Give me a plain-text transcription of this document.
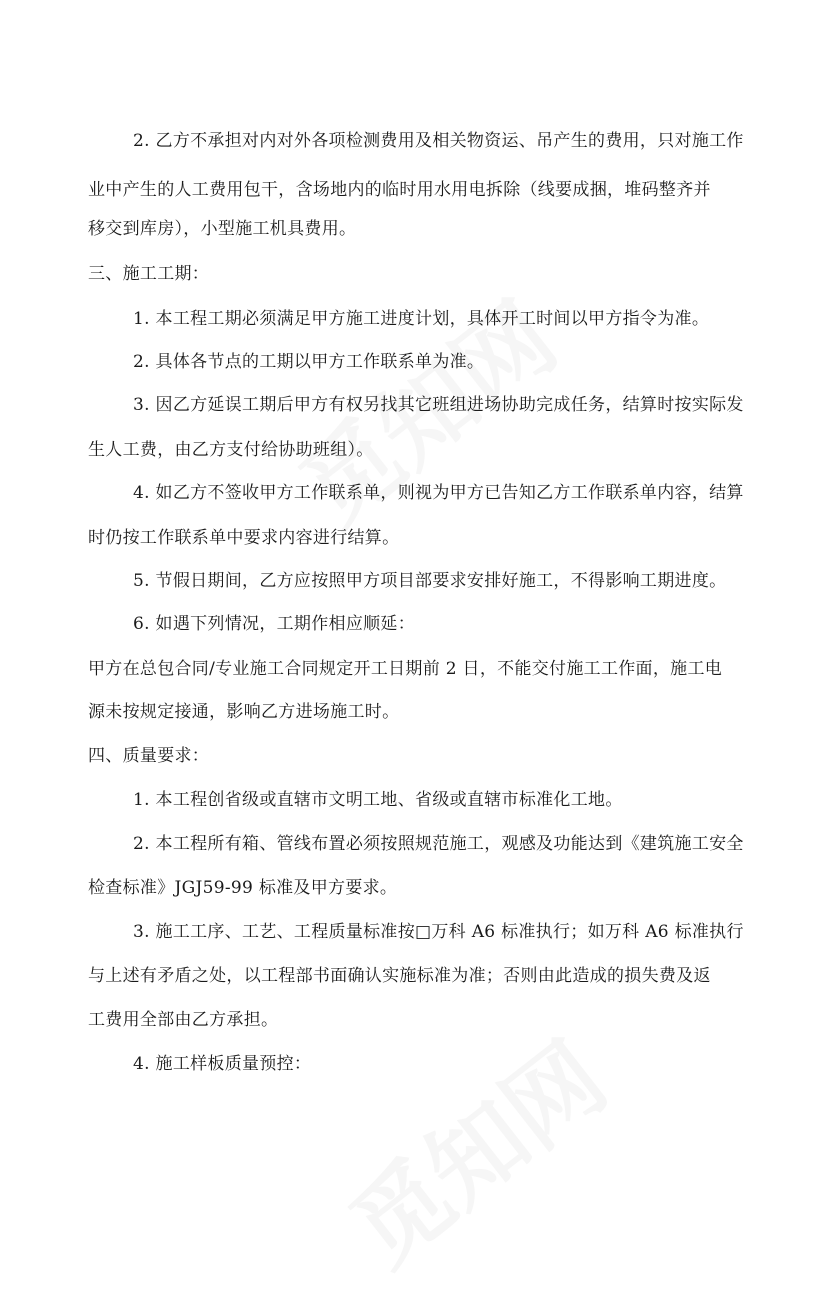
2. 乙方不承担对内对外各项检测费用及相关物资运、吊产生的费用，只对施工作
业中产生的人工费用包干，含场地内的临时用水用电拆除（线要成捆，堆码整齐并
移交到库房），小型施工机具费用。
三、施工工期：
1. 本工程工期必须满足甲方施工进度计划，具体开工时间以甲方指令为准。
2. 具体各节点的工期以甲方工作联系单为准。
3. 因乙方延误工期后甲方有权另找其它班组进场协助完成任务，结算时按实际发
生人工费，由乙方支付给协助班组）。
4. 如乙方不签收甲方工作联系单，则视为甲方已告知乙方工作联系单内容，结算
时仍按工作联系单中要求内容进行结算。
5. 节假日期间，乙方应按照甲方项目部要求安排好施工，不得影响工期进度。
6. 如遇下列情况，工期作相应顺延：
甲方在总包合同/专业施工合同规定开工日期前 2 日，不能交付施工工作面，施工电
源未按规定接通，影响乙方进场施工时。
四、质量要求：
1. 本工程创省级或直辖市文明工地、省级或直辖市标准化工地。
2. 本工程所有箱、管线布置必须按照规范施工，观感及功能达到《建筑施工安全
检查标准》JGJ59-99 标准及甲方要求。
3. 施工工序、工艺、工程质量标准按□万科 A6 标准执行；如万科 A6 标准执行
与上述有矛盾之处，以工程部书面确认实施标准为准；否则由此造成的损失费及返
工费用全部由乙方承担。
4. 施工样板质量预控：
